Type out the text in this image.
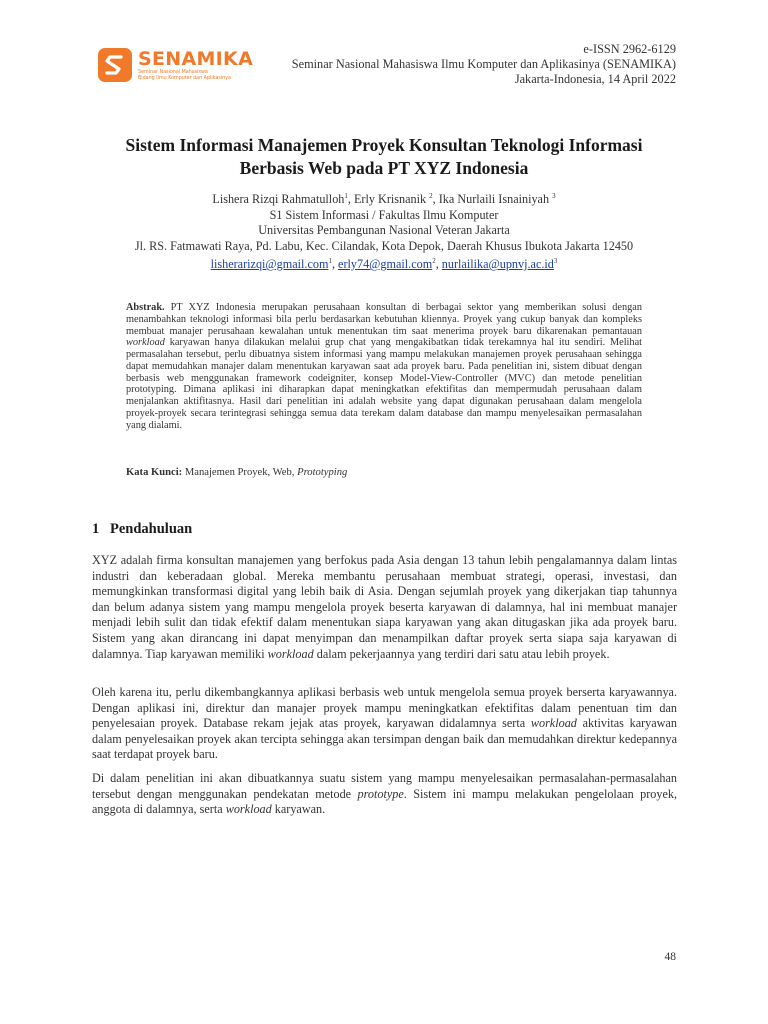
SENAMIKA
Seminar Nasional Mahasiswa
Bidang Ilmu Komputer dan Aplikasinya
e-ISSN 2962-6129
Seminar Nasional Mahasiswa Ilmu Komputer dan Aplikasinya (SENAMIKA)
Jakarta-Indonesia, 14 April 2022
Sistem Informasi Manajemen Proyek Konsultan Teknologi Informasi
Berbasis Web pada PT XYZ Indonesia
Lishera Rizqi Rahmatulloh$^1$, Erly Krisnanik $^2$, Ika Nurlaili Isnainiyah $^3$
S1 Sistem Informasi / Fakultas Ilmu Komputer
Universitas Pembangunan Nasional Veteran Jakarta
Jl. RS. Fatmawati Raya, Pd. Labu, Kec. Cilandak, Kota Depok, Daerah Khusus Ibukota Jakarta 12450
lisherarizqi@gmail.com$^1$, erly74@gmail.com$^2$, $nurlailika@upnvj.ac.id^3$
Abstrak. PT XYZ Indonesia merupakan perusahaan konsultan di berbagai sektor yang memberikan solusi dengan menambahkan teknologi informasi bila perlu berdasarkan kebutuhan kliennya. Proyek yang cukup banyak dan kompleks membuat manajer perusahaan kewalahan untuk menentukan tim saat menerima proyek baru dikarenakan pemantauan workload karyawan hanya dilakukan melalui grup chat yang mengakibatkan tidak terekamnya hal itu sendiri. Melihat permasalahan tersebut, perlu dibuatnya sistem informasi yang mampu melakukan manajemen proyek perusahaan sehingga dapat memudahkan manajer dalam menentukan karyawan saat ada proyek baru. Pada penelitian ini, sistem dibuat dengan berbasis web menggunakan framework codeigniter, konsep Model-View-Controller (MVC) dan metode penelitian prototyping. Dimana aplikasi ini diharapkan dapat meningkatkan efektifitas dan mempermudah perusahaan dalam menjalankan aktifitasnya. Hasil dari penelitian ini adalah website yang dapat digunakan perusahaan dalam mengelola proyek-proyek secara terintegrasi sehingga semua data terekam dalam database dan mampu menyelesaikan permasalahan yang dialami.
Kata Kunci: Manajemen Proyek, Web, Prototyping
1 Pendahuluan

XYZ adalah firma konsultan manajemen yang berfokus pada Asia dengan 13 tahun lebih pengalamannya dalam lintas industri dan keberadaan global. Mereka membantu perusahaan membuat strategi, operasi, investasi, dan memungkinkan transformasi digital yang lebih baik di Asia. Dengan sejumlah proyek yang dikerjakan tiap tahunnya dan belum adanya sistem yang mampu mengelola proyek beserta karyawan di dalamnya, hal ini membuat manajer menjadi lebih sulit dan tidak efektif dalam menentukan siapa karyawan yang akan ditugaskan jika ada proyek baru. Sistem yang akan dirancang ini dapat menyimpan dan menampilkan daftar proyek serta siapa saja karyawan di dalamnya. Tiap karyawan memiliki workload dalam pekerjaannya yang terdiri dari satu atau lebih proyek.

Oleh karena itu, perlu dikembangkannya aplikasi berbasis web untuk mengelola semua proyek berserta karyawannya. Dengan aplikasi ini, direktur dan manajer proyek mampu meningkatkan efektifitas dalam penentuan tim dan penyelesaian proyek. Database rekam jejak atas proyek, karyawan didalamnya serta workload aktivitas karyawan dalam penyelesaikan proyek akan tercipta sehingga akan tersimpan dengan baik dan memudahkan direktur kedepannya saat terdapat proyek baru.

Di dalam penelitian ini akan dibuatkannya suatu sistem yang mampu menyelesaikan permasalahan-permasalahan tersebut dengan menggunakan pendekatan metode prototype. Sistem ini mampu melakukan pengelolaan proyek, anggota di dalamnya, serta workload karyawan.

48
